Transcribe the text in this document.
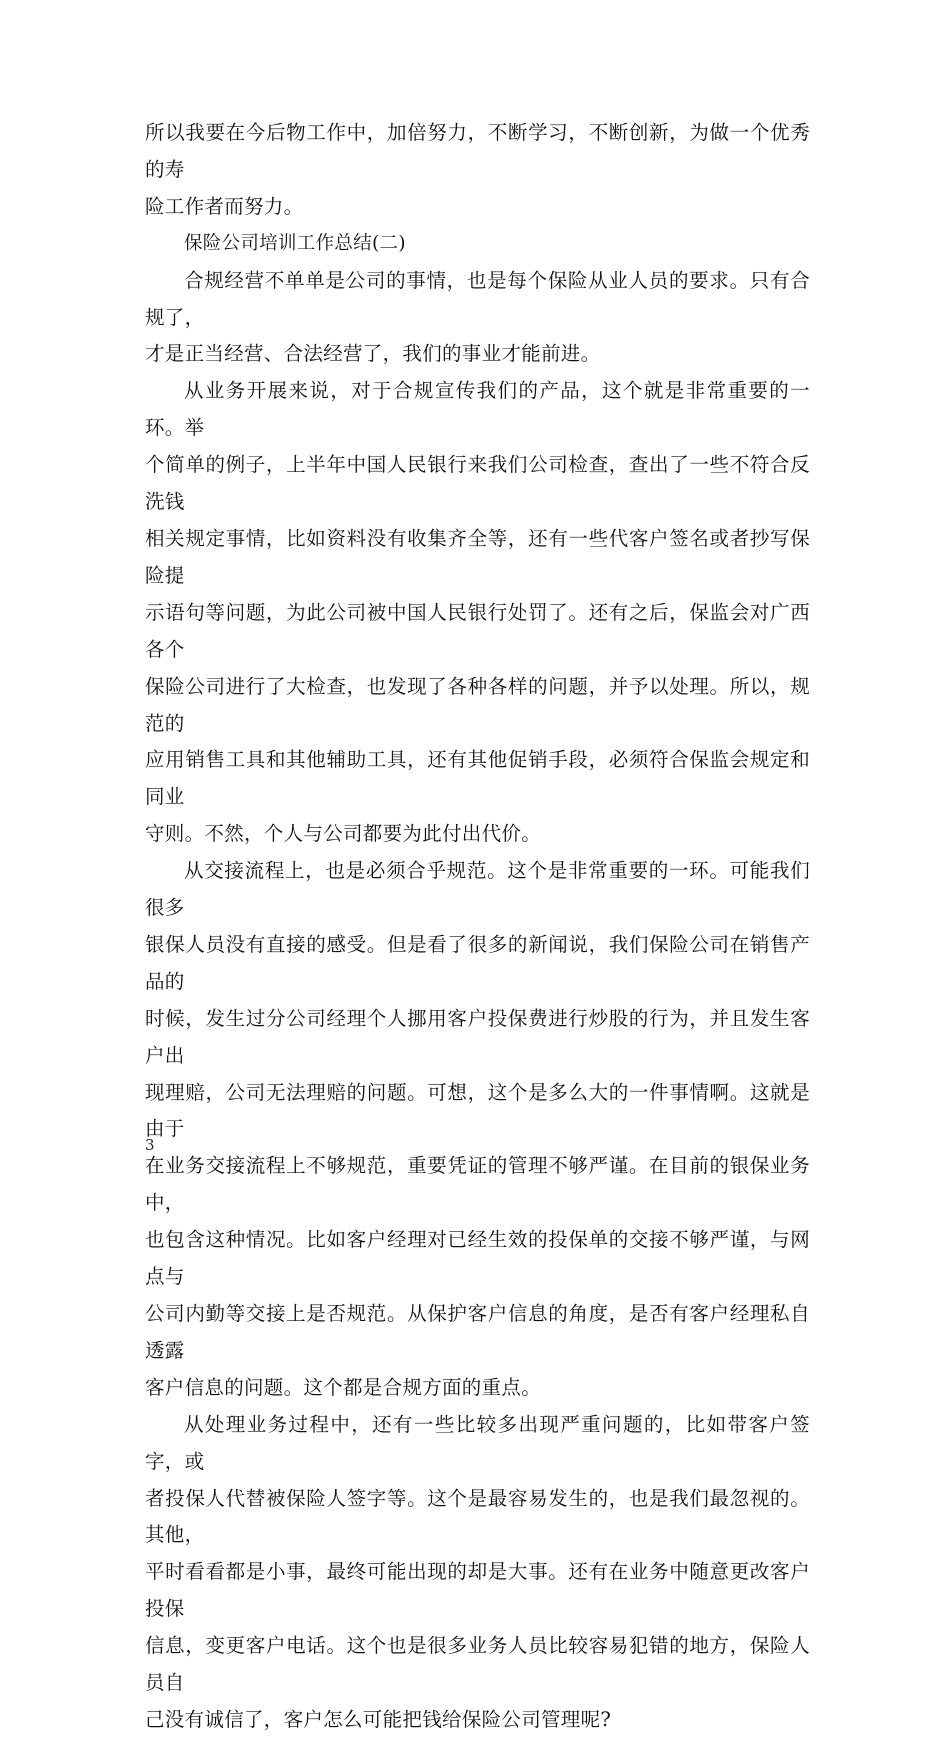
所以我要在今后物工作中，加倍努力，不断学习，不断创新，为做一个优秀的寿
险工作者而努力。

保险公司培训工作总结(二)

合规经营不单单是公司的事情，也是每个保险从业人员的要求。只有合规了，
才是正当经营、合法经营了，我们的事业才能前进。

从业务开展来说，对于合规宣传我们的产品，这个就是非常重要的一环。举
个简单的例子，上半年中国人民银行来我们公司检查，查出了一些不符合反洗钱
相关规定事情，比如资料没有收集齐全等，还有一些代客户签名或者抄写保险提
示语句等问题，为此公司被中国人民银行处罚了。还有之后，保监会对广西各个
保险公司进行了大检查，也发现了各种各样的问题，并予以处理。所以，规范的
应用销售工具和其他辅助工具，还有其他促销手段，必须符合保监会规定和同业
守则。不然，个人与公司都要为此付出代价。

从交接流程上，也是必须合乎规范。这个是非常重要的一环。可能我们很多
银保人员没有直接的感受。但是看了很多的新闻说，我们保险公司在销售产品的
时候，发生过分公司经理个人挪用客户投保费进行炒股的行为，并且发生客户出
现理赔，公司无法理赔的问题。可想，这个是多么大的一件事情啊。这就是由于
在业务交接流程上不够规范，重要凭证的管理不够严谨。在目前的银保业务中，
也包含这种情况。比如客户经理对已经生效的投保单的交接不够严谨，与网点与
公司内勤等交接上是否规范。从保护客户信息的角度，是否有客户经理私自透露
客户信息的问题。这个都是合规方面的重点。

从处理业务过程中，还有一些比较多出现严重问题的，比如带客户签字，或
者投保人代替被保险人签字等。这个是最容易发生的，也是我们最忽视的。其他，
平时看看都是小事，最终可能出现的却是大事。还有在业务中随意更改客户投保
信息，变更客户电话。这个也是很多业务人员比较容易犯错的地方，保险人员自
己没有诚信了，客户怎么可能把钱给保险公司管理呢?

3
